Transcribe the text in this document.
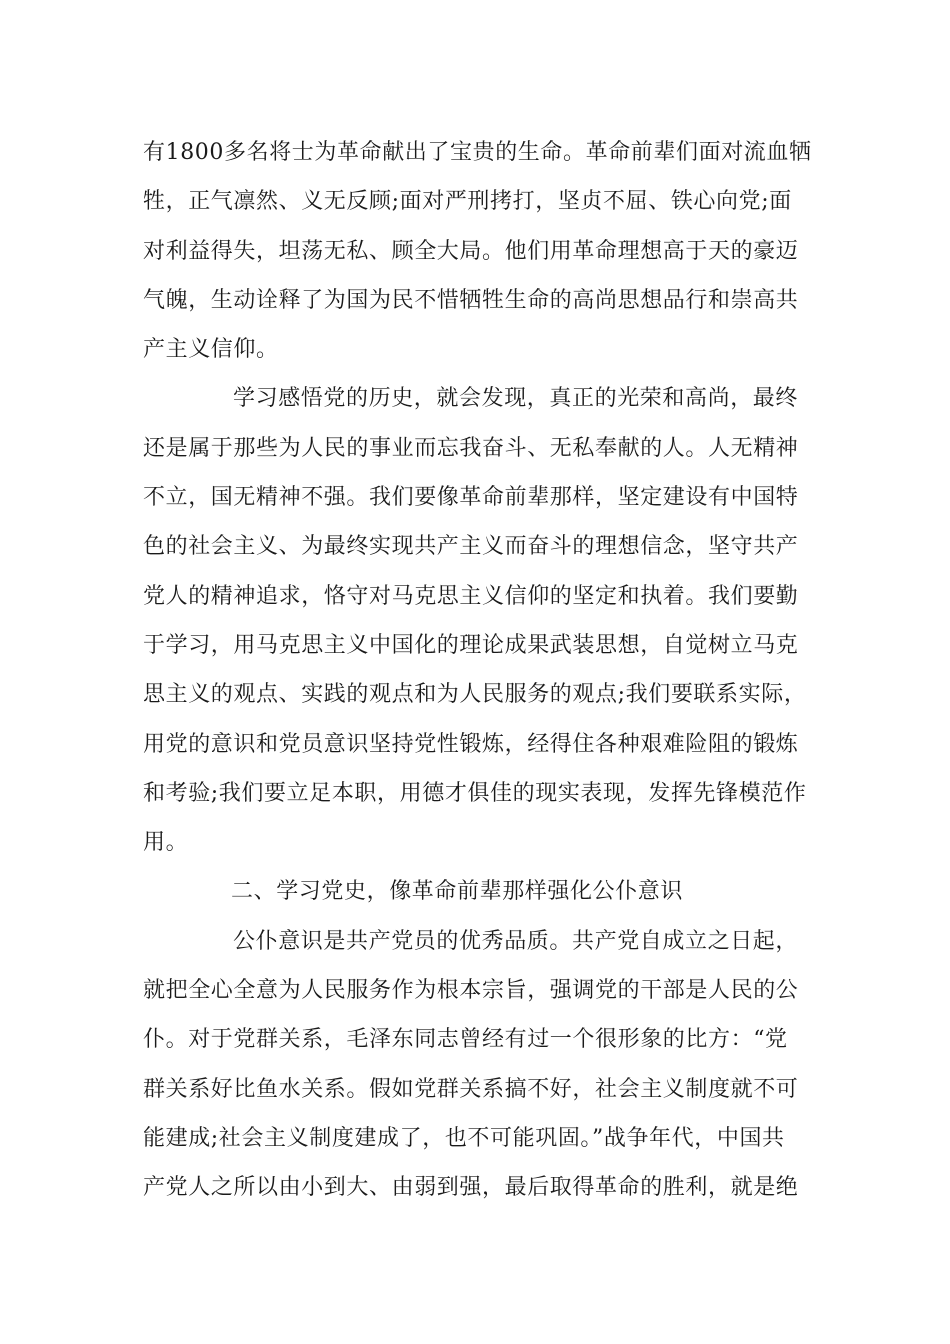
有1800多名将士为革命献出了宝贵的生命。革命前辈们面对流血牺
牲，正气凛然、义无反顾;面对严刑拷打，坚贞不屈、铁心向党;面
对利益得失，坦荡无私、顾全大局。他们用革命理想高于天的豪迈
气魄，生动诠释了为国为民不惜牺牲生命的高尚思想品行和崇高共
产主义信仰。
学习感悟党的历史，就会发现，真正的光荣和高尚，最终
还是属于那些为人民的事业而忘我奋斗、无私奉献的人。人无精神
不立，国无精神不强。我们要像革命前辈那样，坚定建设有中国特
色的社会主义、为最终实现共产主义而奋斗的理想信念，坚守共产
党人的精神追求，恪守对马克思主义信仰的坚定和执着。我们要勤
于学习，用马克思主义中国化的理论成果武装思想，自觉树立马克
思主义的观点、实践的观点和为人民服务的观点;我们要联系实际，
用党的意识和党员意识坚持党性锻炼，经得住各种艰难险阻的锻炼
和考验;我们要立足本职，用德才俱佳的现实表现，发挥先锋模范作
用。
二、学习党史，像革命前辈那样强化公仆意识
公仆意识是共产党员的优秀品质。共产党自成立之日起，
就把全心全意为人民服务作为根本宗旨，强调党的干部是人民的公
仆。对于党群关系，毛泽东同志曾经有过一个很形象的比方：“党
群关系好比鱼水关系。假如党群关系搞不好，社会主义制度就不可
能建成;社会主义制度建成了，也不可能巩固。”战争年代，中国共
产党人之所以由小到大、由弱到强，最后取得革命的胜利，就是绝
